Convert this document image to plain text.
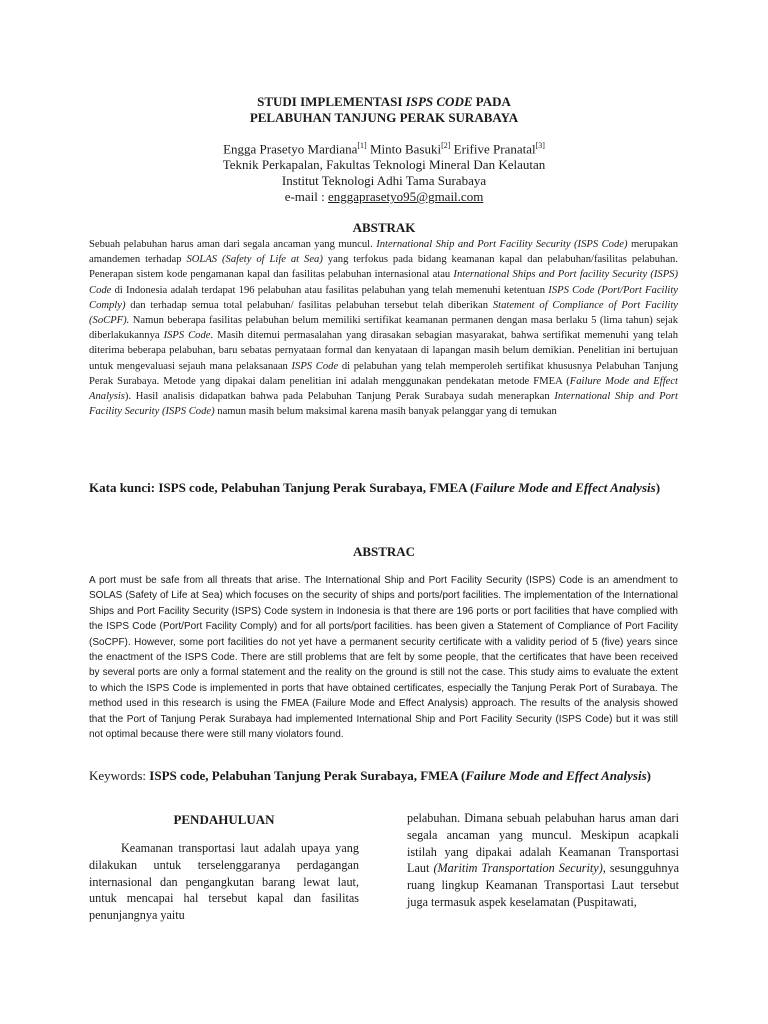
STUDI IMPLEMENTASI ISPS CODE PADA
PELABUHAN TANJUNG PERAK SURABAYA
Engga Prasetyo Mardiana[1] Minto Basuki[2] Erifive Pranatal[3]
Teknik Perkapalan, Fakultas Teknologi Mineral Dan Kelautan
Institut Teknologi Adhi Tama Surabaya
e-mail : enggaprasetyo95@gmail.com
ABSTRAK
Sebuah pelabuhan harus aman dari segala ancaman yang muncul. International Ship and Port Facility Security (ISPS Code) merupakan amandemen terhadap SOLAS (Safety of Life at Sea) yang terfokus pada bidang keamanan kapal dan pelabuhan/fasilitas pelabuhan. Penerapan sistem kode pengamanan kapal dan fasilitas pelabuhan internasional atau International Ships and Port facility Security (ISPS) Code di Indonesia adalah terdapat 196 pelabuhan atau fasilitas pelabuhan yang telah memenuhi ketentuan ISPS Code (Port/Port Facility Comply) dan terhadap semua total pelabuhan/ fasilitas pelabuhan tersebut telah diberikan Statement of Compliance of Port Facility (SoCPF). Namun beberapa fasilitas pelabuhan belum memiliki sertifikat keamanan permanen dengan masa berlaku 5 (lima tahun) sejak diberlakukannya ISPS Code. Masih ditemui permasalahan yang dirasakan sebagian masyarakat, bahwa sertifikat memenuhi yang telah diterima beberapa pelabuhan, baru sebatas pernyataan formal dan kenyataan di lapangan masih belum demikian. Penelitian ini bertujuan untuk mengevaluasi sejauh mana pelaksanaan ISPS Code di pelabuhan yang telah memperoleh sertifikat khususnya Pelabuhan Tanjung Perak Surabaya. Metode yang dipakai dalam penelitian ini adalah menggunakan pendekatan metode FMEA (Failure Mode and Effect Analysis). Hasil analisis didapatkan bahwa pada Pelabuhan Tanjung Perak Surabaya sudah menerapkan International Ship and Port Facility Security (ISPS Code) namun masih belum maksimal karena masih banyak pelanggar yang di temukan
Kata kunci: ISPS code, Pelabuhan Tanjung Perak Surabaya, FMEA (Failure Mode and Effect Analysis)
ABSTRAC
A port must be safe from all threats that arise. The International Ship and Port Facility Security (ISPS) Code is an amendment to SOLAS (Safety of Life at Sea) which focuses on the security of ships and ports/port facilities. The implementation of the International Ships and Port Facility Security (ISPS) Code system in Indonesia is that there are 196 ports or port facilities that have complied with the ISPS Code (Port/Port Facility Comply) and for all ports/port facilities. has been given a Statement of Compliance of Port Facility (SoCPF). However, some port facilities do not yet have a permanent security certificate with a validity period of 5 (five) years since the enactment of the ISPS Code. There are still problems that are felt by some people, that the certificates that have been received by several ports are only a formal statement and the reality on the ground is still not the case. This study aims to evaluate the extent to which the ISPS Code is implemented in ports that have obtained certificates, especially the Tanjung Perak Port of Surabaya. The method used in this research is using the FMEA (Failure Mode and Effect Analysis) approach. The results of the analysis showed that the Port of Tanjung Perak Surabaya had implemented International Ship and Port Facility Security (ISPS Code) but it was still not optimal because there were still many violators found.
Keywords: ISPS code, Pelabuhan Tanjung Perak Surabaya, FMEA (Failure Mode and Effect Analysis)
PENDAHULUAN
Keamanan transportasi laut adalah upaya yang dilakukan untuk terselenggaranya perdagangan internasional dan pengangkutan barang lewat laut, untuk mencapai hal tersebut kapal dan fasilitas penunjangnya yaitu
pelabuhan. Dimana sebuah pelabuhan harus aman dari segala ancaman yang muncul. Meskipun acapkali istilah yang dipakai adalah Keamanan Transportasi Laut (Maritim Transportation Security), sesungguhnya ruang lingkup Keamanan Transportasi Laut tersebut juga termasuk aspek keselamatan (Puspitawati,
